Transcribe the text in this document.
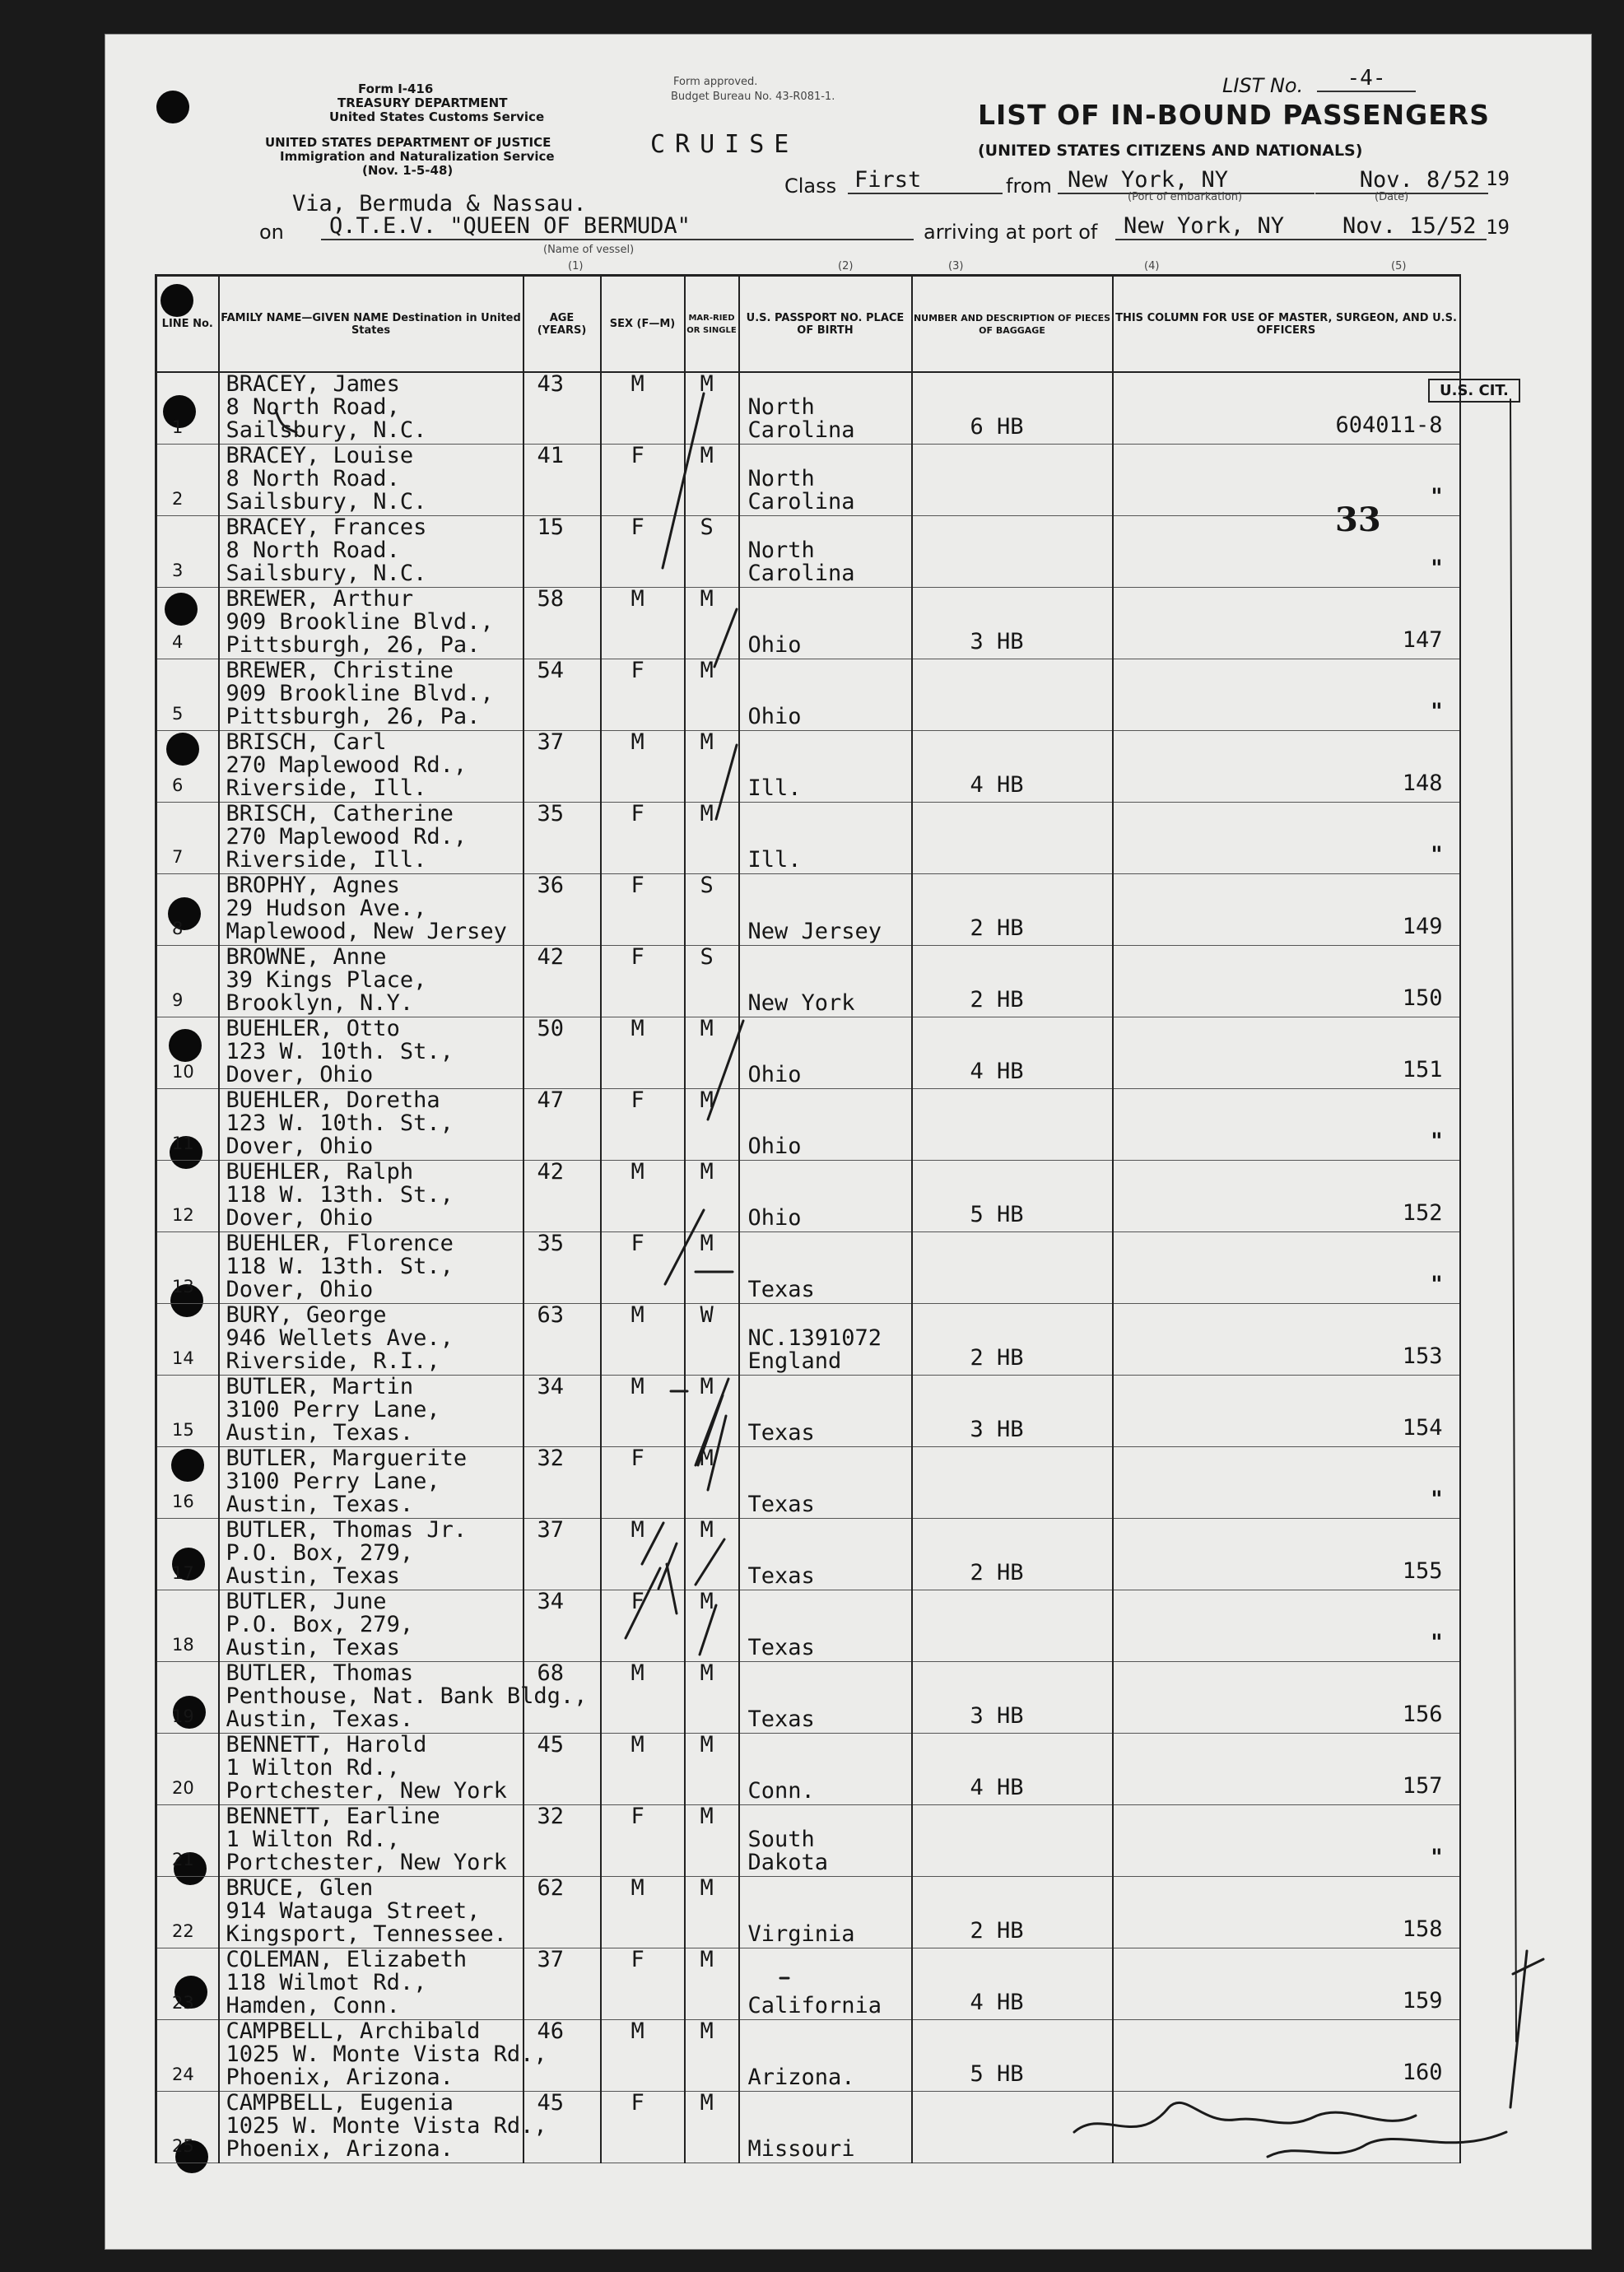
Form I-416
TREASURY DEPARTMENT
United States Customs Service
UNITED STATES DEPARTMENT OF JUSTICE
Immigration and Naturalization Service
(Nov. 1-5-48)
Form approved.
Budget Bureau No. 43-R081-1.
CRUISE
LIST No.	-4-
LIST OF IN-BOUND PASSENGERS
(UNITED STATES CITIZENS AND NATIONALS)
Class First	from New York, NY
(Port of embarkation)
Nov. 8/52
(Date)
19
Via, Bermuda & Nassau.
on	Q.T.E.V. "QUEEN OF BERMUDA"
(Name of vessel)
arriving at port of	New York, NY	Nov. 15/52 19
(1)	(2)	(3)	(4)	(5)
LINE No.	FAMILY NAME—GIVEN NAME Destination in United States	AGE (YEARS)	SEX (F—M)	MAR-RIED OR SINGLE	U.S. PASSPORT NO. PLACE OF BIRTH	NUMBER AND DESCRIPTION OF PIECES OF BAGGAGE	THIS COLUMN FOR USE OF MASTER, SURGEON, AND U.S. OFFICERS

1	BRACEY, James
8 North Road,
Sailsbury, N.C.	43	M	M	North
Carolina	6 HB	604011-8

2	BRACEY, Louise
8 North Road.
Sailsbury, N.C.	41	F	M	North
Carolina		"

3	BRACEY, Frances
8 North Road.
Sailsbury, N.C.	15	F	S	North
Carolina		"

4	BREWER, Arthur
909 Brookline Blvd.,
Pittsburgh, 26, Pa.	58	M	M	Ohio	3 HB	147

5	BREWER, Christine
909 Brookline Blvd.,
Pittsburgh, 26, Pa.	54	F	M	Ohio		"

6	BRISCH, Carl
270 Maplewood Rd.,
Riverside, Ill.	37	M	M	Ill.	4 HB	148

7	BRISCH, Catherine
270 Maplewood Rd.,
Riverside, Ill.	35	F	M	Ill.		"

8	BROPHY, Agnes
29 Hudson Ave.,
Maplewood, New Jersey	36	F	S	New Jersey	2 HB	149

9	BROWNE, Anne
39 Kings Place,
Brooklyn, N.Y.	42	F	S	New York	2 HB	150

10	BUEHLER, Otto
123 W. 10th. St.,
Dover, Ohio	50	M	M	Ohio	4 HB	151

11	BUEHLER, Doretha
123 W. 10th. St.,
Dover, Ohio	47	F	M	Ohio		"

12	BUEHLER, Ralph
118 W. 13th. St.,
Dover, Ohio	42	M	M	Ohio	5 HB	152

13	BUEHLER, Florence
118 W. 13th. St.,
Dover, Ohio	35	F	M	Texas		"

14	BURY, George
946 Wellets Ave.,
Riverside, R.I.,	63	M	W	NC.1391072
England	2 HB	153

15	BUTLER, Martin
3100 Perry Lane,
Austin, Texas.	34	M	M	Texas	3 HB	154

16	BUTLER, Marguerite
3100 Perry Lane,
Austin, Texas.	32	F	M	Texas		"

17	BUTLER, Thomas Jr.
P.O. Box, 279,
Austin, Texas	37	M	M	Texas	2 HB	155

18	BUTLER, June
P.O. Box, 279,
Austin, Texas	34	F	M	Texas		"

19	BUTLER, Thomas
Penthouse, Nat. Bank Bldg.,
Austin, Texas.	68	M	M	Texas	3 HB	156

20	BENNETT, Harold
1 Wilton Rd.,
Portchester, New York	45	M	M	Conn.	4 HB	157

21	BENNETT, Earline
1 Wilton Rd.,
Portchester, New York	32	F	M	South
Dakota		"

22	BRUCE, Glen
914 Watauga Street,
Kingsport, Tennessee.	62	M	M	Virginia	2 HB	158

23	COLEMAN, Elizabeth
118 Wilmot Rd.,
Hamden, Conn.	37	F	M	California	4 HB	159

24	CAMPBELL, Archibald
1025 W. Monte Vista Rd.,
Phoenix, Arizona.	46	M	M	Arizona.	5 HB	160

25	CAMPBELL, Eugenia
1025 W. Monte Vista Rd.,
Phoenix, Arizona.	45	F	M	Missouri		

U.S. CIT.
33
